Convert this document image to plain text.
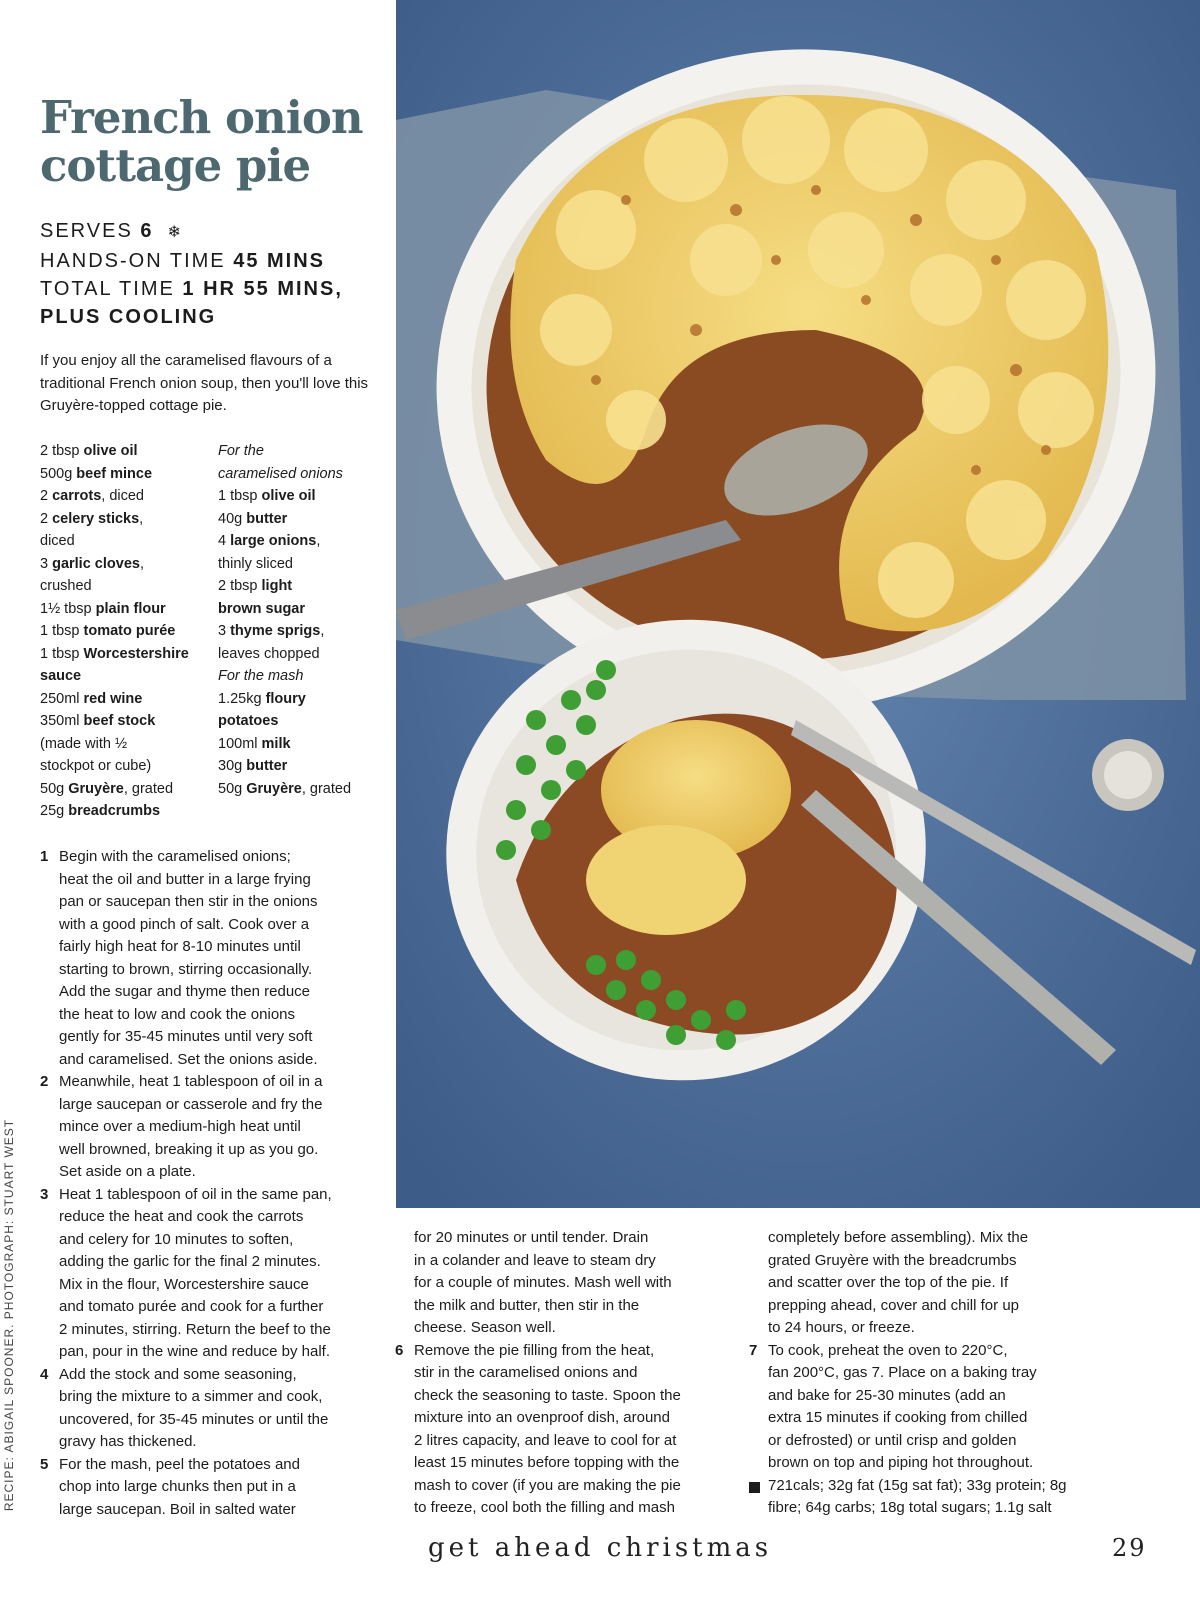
French onion cottage pie
SERVES 6 ❄
HANDS-ON TIME 45 MINS
TOTAL TIME 1 HR 55 MINS, PLUS COOLING

If you enjoy all the caramelised flavours of a traditional French onion soup, then you'll love this Gruyère-topped cottage pie.

2 tbsp olive oil
500g beef mince
2 carrots, diced
2 celery sticks,
diced
3 garlic cloves,
crushed
1½ tbsp plain flour
1 tbsp tomato purée
1 tbsp Worcestershire
sauce
250ml red wine
350ml beef stock
(made with ½
stockpot or cube)
50g Gruyère, grated
25g breadcrumbs
For the
caramelised onions
1 tbsp olive oil
40g butter
4 large onions,
thinly sliced
2 tbsp light
brown sugar
3 thyme sprigs,
leaves chopped
For the mash
1.25kg floury
potatoes
100ml milk
30g butter
50g Gruyère, grated
1 Begin with the caramelised onions;
heat the oil and butter in a large frying
pan or saucepan then stir in the onions
with a good pinch of salt. Cook over a
fairly high heat for 8-10 minutes until
starting to brown, stirring occasionally.
Add the sugar and thyme then reduce
the heat to low and cook the onions
gently for 35-45 minutes until very soft
and caramelised. Set the onions aside.
2 Meanwhile, heat 1 tablespoon of oil in a
large saucepan or casserole and fry the
mince over a medium-high heat until
well browned, breaking it up as you go.
Set aside on a plate.
3 Heat 1 tablespoon of oil in the same pan,
reduce the heat and cook the carrots
and celery for 10 minutes to soften,
adding the garlic for the final 2 minutes.
Mix in the flour, Worcestershire sauce
and tomato purée and cook for a further
2 minutes, stirring. Return the beef to the
pan, pour in the wine and reduce by half.
4 Add the stock and some seasoning,
bring the mixture to a simmer and cook,
uncovered, for 35-45 minutes or until the
gravy has thickened.
5 For the mash, peel the potatoes and
chop into large chunks then put in a
large saucepan. Boil in salted water
for 20 minutes or until tender. Drain
in a colander and leave to steam dry
for a couple of minutes. Mash well with
the milk and butter, then stir in the
cheese. Season well.
6 Remove the pie filling from the heat,
stir in the caramelised onions and
check the seasoning to taste. Spoon the
mixture into an ovenproof dish, around
2 litres capacity, and leave to cool for at
least 15 minutes before topping with the
mash to cover (if you are making the pie
to freeze, cool both the filling and mash
completely before assembling). Mix the
grated Gruyère with the breadcrumbs
and scatter over the top of the pie. If
prepping ahead, cover and chill for up
to 24 hours, or freeze.
7 To cook, preheat the oven to 220°C,
fan 200°C, gas 7. Place on a baking tray
and bake for 25-30 minutes (add an
extra 15 minutes if cooking from chilled
or defrosted) or until crisp and golden
brown on top and piping hot throughout.
721cals; 32g fat (15g sat fat); 33g protein; 8g
fibre; 64g carbs; 18g total sugars; 1.1g salt
RECIPE: ABIGAIL SPOONER. PHOTOGRAPH: STUART WEST
get ahead christmas	29
